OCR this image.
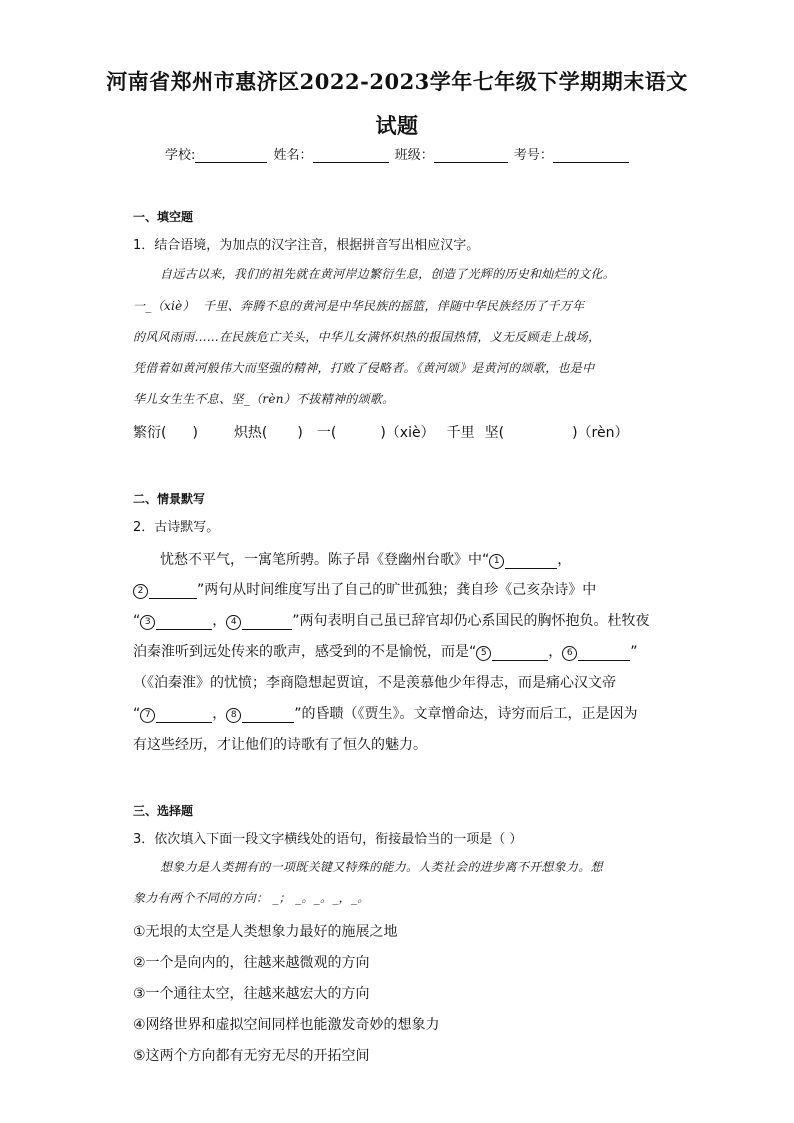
河南省郑州市惠济区2022-2023学年七年级下学期期末语文
试题
学校:	姓名：	班级：	考号：
一、填空题
1．结合语境，为加点的汉字注音，根据拼音写出相应汉字。
自远古以来，我们的祖先就在黄河岸边繁衍生息，创造了光辉的历史和灿烂的文化。
一_（xiè） 千里、奔腾不息的黄河是中华民族的摇篮，伴随中华民族经历了千万年
的风风雨雨……在民族危亡关头，中华儿女满怀炽热的报国热情，义无反顾走上战场，
凭借着如黄河般伟大而坚强的精神，打败了侵略者。《黄河颂》是黄河的颂歌，也是中
华儿女生生不息、坚_（rèn）不拔精神的颂歌。
繁衍( )	炽热( ) 一(	)（xiè） 千里 坚(	)（rèn）
二、情景默写
2．古诗默写。
忧愁不平气，一寓笔所骋。陈子昂《登幽州台歌》中“ 1	，
2	”两句从时间维度写出了自己的旷世孤独；龚自珍《己亥杂诗》中
“ 3	， 4	”两句表明自己虽已辞官却仍心系国民的胸怀抱负。杜牧夜
泊秦淮听到远处传来的歌声，感受到的不是愉悦，而是“ 5	， 6	”
（《泊秦淮》的忧愤；李商隐想起贾谊，不是羡慕他少年得志，而是痛心汉文帝
“ 7	， 8	”的昏聩（《贾生》。文章憎命达，诗穷而后工，正是因为
有这些经历，才让他们的诗歌有了恒久的魅力。
三、选择题
3．依次填入下面一段文字横线处的语句，衔接最恰当的一项是（ ）
想象力是人类拥有的一项既关键又特殊的能力。人类社会的进步离不开想象力。想
象力有两个不同的方向： _； _。_。_，_。
①无垠的太空是人类想象力最好的施展之地
②一个是向内的，往越来越微观的方向
③一个通往太空，往越来越宏大的方向
④网络世界和虚拟空间同样也能激发奇妙的想象力
⑤这两个方向都有无穷无尽的开拓空间
